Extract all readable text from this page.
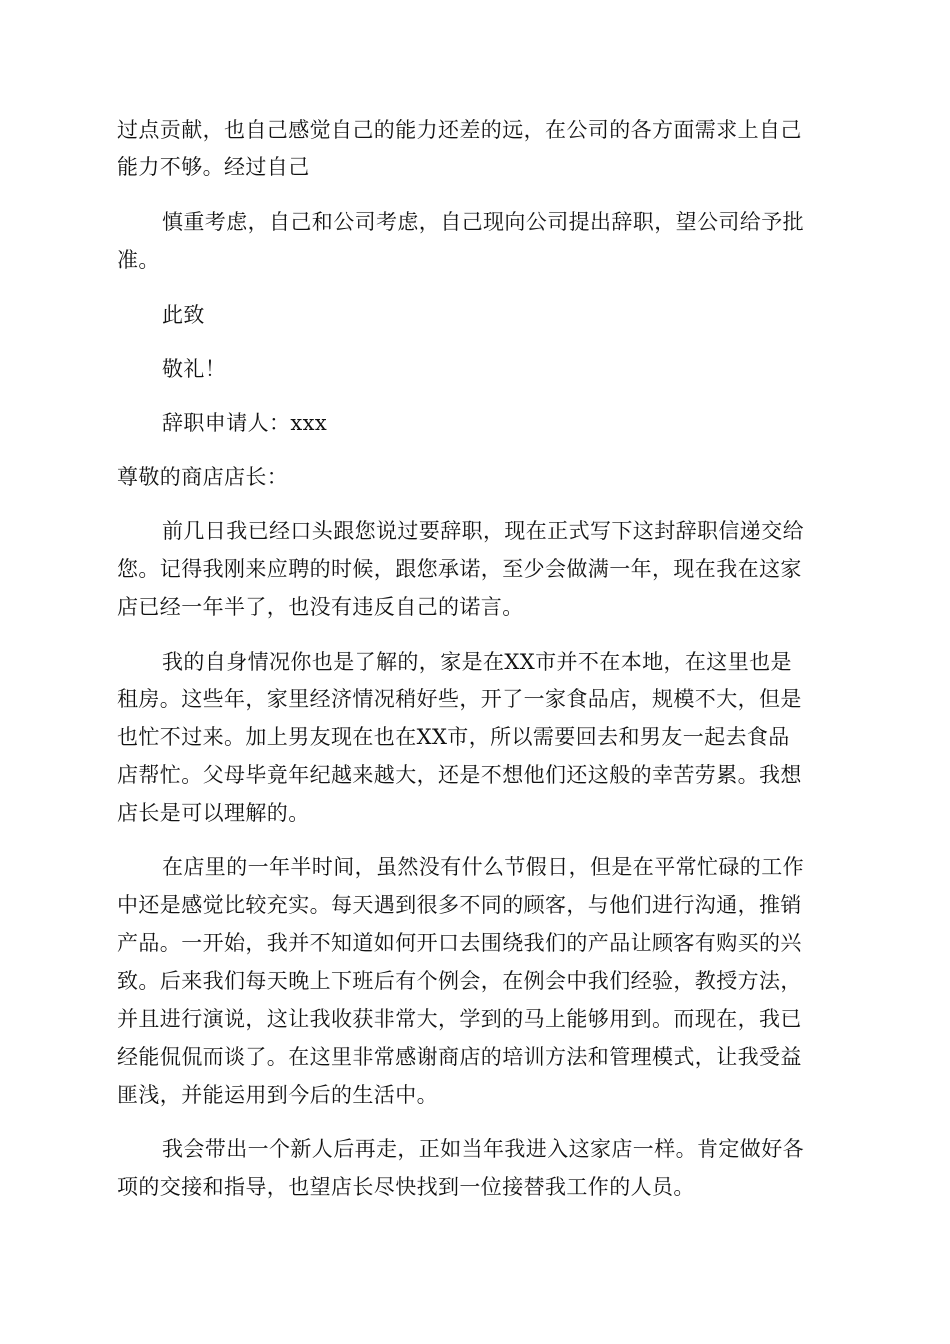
过点贡献，也自己感觉自己的能力还差的远，在公司的各方面需求上自己
能力不够。经过自己
慎重考虑，自己和公司考虑，自己现向公司提出辞职，望公司给予批
准。
此致
敬礼！
辞职申请人：xxx
尊敬的商店店长：
前几日我已经口头跟您说过要辞职，现在正式写下这封辞职信递交给
您。记得我刚来应聘的时候，跟您承诺，至少会做满一年，现在我在这家
店已经一年半了，也没有违反自己的诺言。
我的自身情况你也是了解的，家是在XX市并不在本地，在这里也是
租房。这些年，家里经济情况稍好些，开了一家食品店，规模不大，但是
也忙不过来。加上男友现在也在XX市，所以需要回去和男友一起去食品
店帮忙。父母毕竟年纪越来越大，还是不想他们还这般的幸苦劳累。我想
店长是可以理解的。
在店里的一年半时间，虽然没有什么节假日，但是在平常忙碌的工作
中还是感觉比较充实。每天遇到很多不同的顾客，与他们进行沟通，推销
产品。一开始，我并不知道如何开口去围绕我们的产品让顾客有购买的兴
致。后来我们每天晚上下班后有个例会，在例会中我们经验，教授方法，
并且进行演说，这让我收获非常大，学到的马上能够用到。而现在，我已
经能侃侃而谈了。在这里非常感谢商店的培训方法和管理模式，让我受益
匪浅，并能运用到今后的生活中。
我会带出一个新人后再走，正如当年我进入这家店一样。肯定做好各
项的交接和指导，也望店长尽快找到一位接替我工作的人员。
